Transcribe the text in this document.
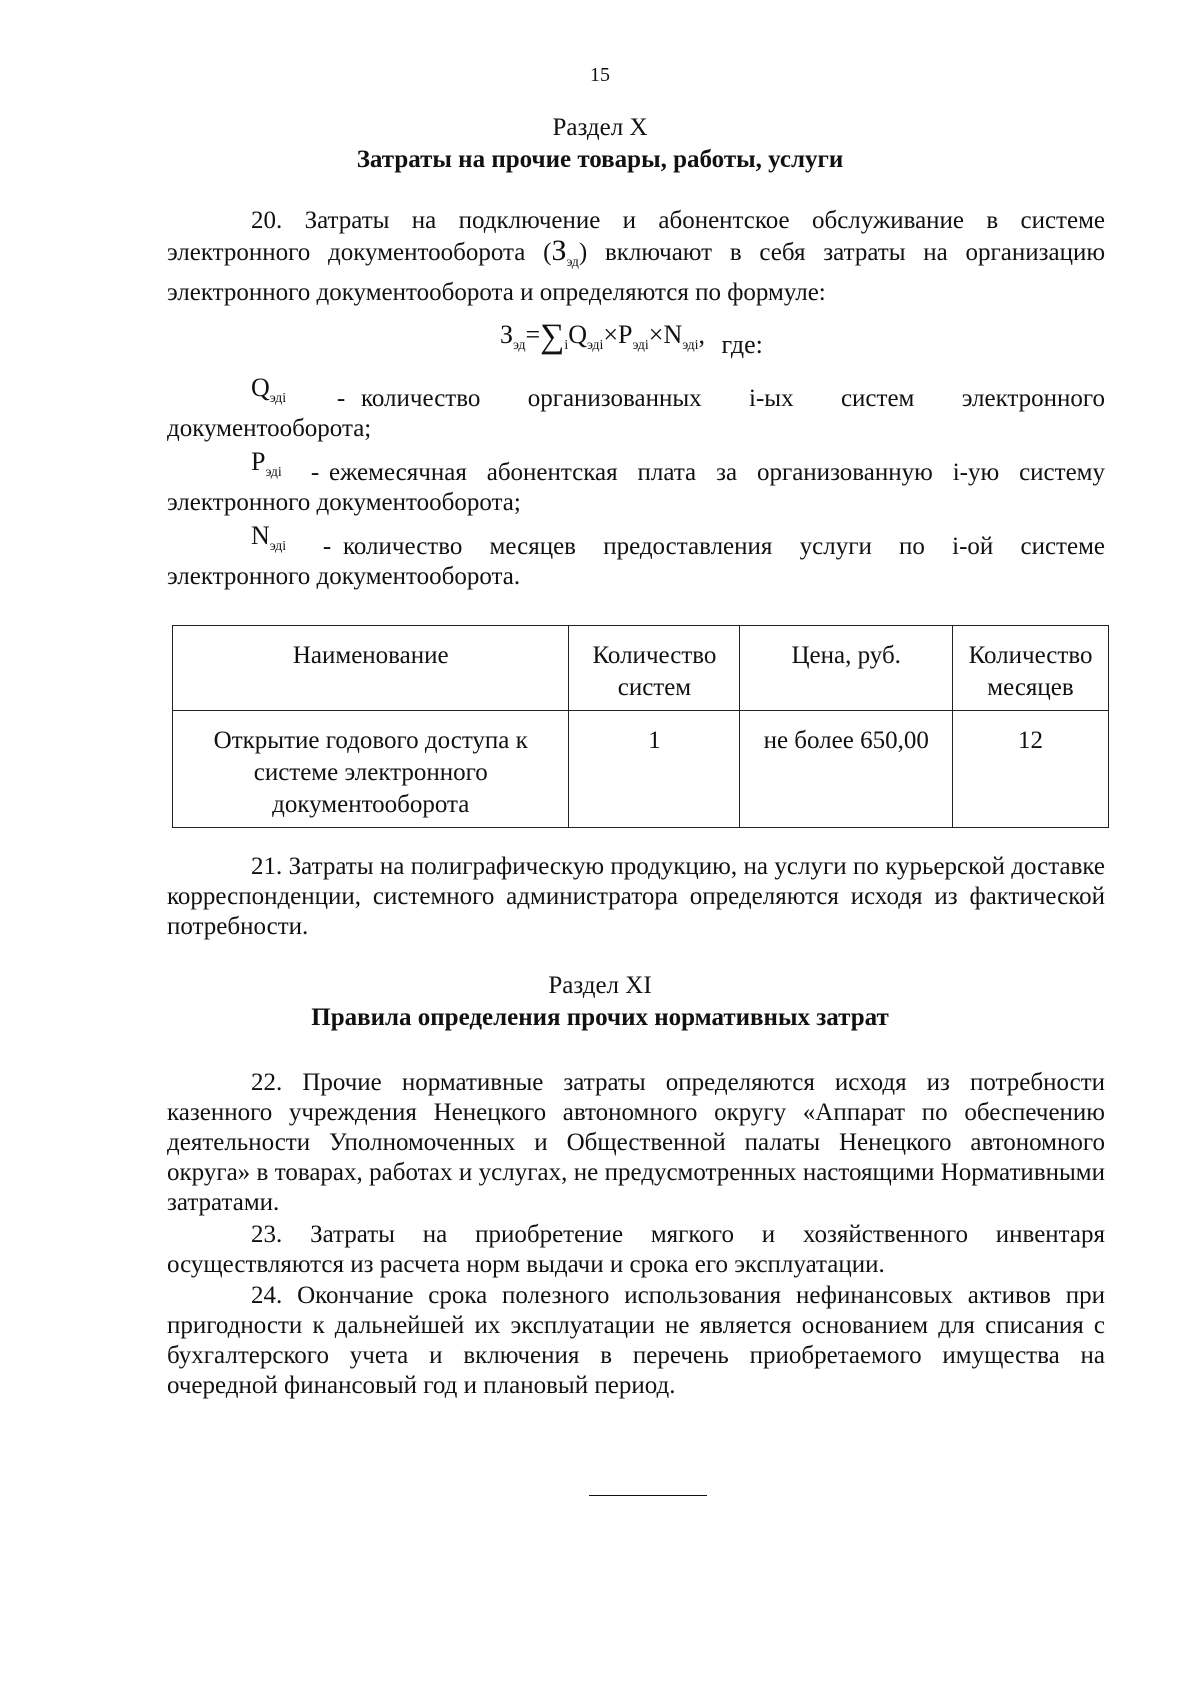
15
Раздел X
Затраты на прочие товары, работы, услуги
20. Затраты на подключение и абонентское обслуживание в системе электронного документооборота $(З_{эд})$ включают в себя затраты на организацию электронного документооборота и определяются по формуле:
$З_{эд}=\sum_iQ_{эдi}\times P_{эдi}\times N_{эдi}$, где:
$Q_{эдi}$	- количество организованных i-ых систем электронного
документооборота;
$P_{эдi}$	- ежемесячная абонентская плата за организованную i-ую систему
электронного документооборота;
$N_{эдi}$	- количество месяцев предоставления услуги по i-ой системе
электронного документооборота.
Наименование	Количество систем	Цена, руб.	Количество месяцев
Открытие годового доступа к системе электронного документооборота	1	не более 650,00	12
21. Затраты на полиграфическую продукцию, на услуги по курьерской доставке корреспонденции, системного администратора определяются исходя из фактической потребности.
Раздел XI
Правила определения прочих нормативных затрат
22. Прочие нормативные затраты определяются исходя из потребности казенного учреждения Ненецкого автономного округу «Аппарат по обеспечению деятельности Уполномоченных и Общественной палаты Ненецкого автономного округа» в товарах, работах и услугах, не предусмотренных настоящими Нормативными затратами.
23. Затраты на приобретение мягкого и хозяйственного инвентаря осуществляются из расчета норм выдачи и срока его эксплуатации.
24. Окончание срока полезного использования нефинансовых активов при пригодности к дальнейшей их эксплуатации не является основанием для списания с бухгалтерского учета и включения в перечень приобретаемого имущества на очередной финансовый год и плановый период.
